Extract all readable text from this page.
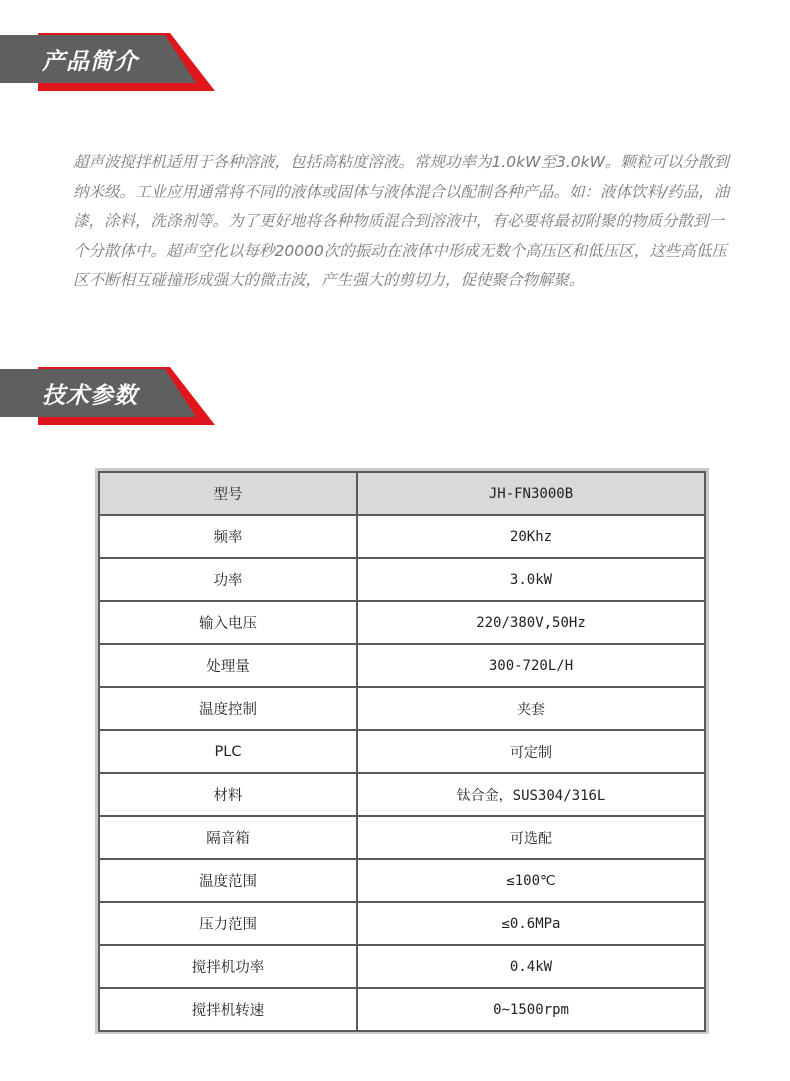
产品简介

超声波搅拌机适用于各种溶液，包括高粘度溶液。常规功率为1.0kW至3.0kW。颗粒可以分散到纳米级。工业应用通常将不同的液体或固体与液体混合以配制各种产品。如：液体饮料/药品，油漆，涂料，洗涤剂等。为了更好地将各种物质混合到溶液中，有必要将最初附聚的物质分散到一个分散体中。超声空化以每秒20000次的振动在液体中形成无数个高压区和低压区，这些高低压区不断相互碰撞形成强大的微击波，产生强大的剪切力，促使聚合物解聚。

技术参数
型号	JH-FN3000B
频率	20Khz
功率	3.0kW
输入电压	220/380V,50Hz
处理量	300-720L/H
温度控制	夹套
PLC	可定制
材料	钛合金，SUS304/316L
隔音箱	可选配
温度范围	≤100℃
压力范围	≤0.6MPa
搅拌机功率	0.4kW
搅拌机转速	0~1500rpm
